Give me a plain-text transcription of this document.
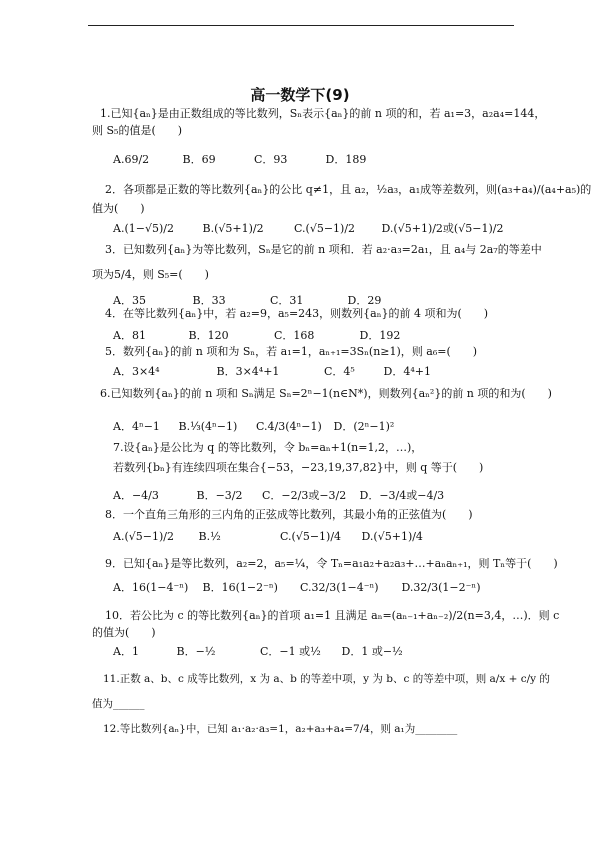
高一数学下(9)
1.已知{aₙ}是由正数组成的等比数列，Sₙ表示{aₙ}的前 n 项的和，若 a₁=3，a₂a₄=144，
则 S₅的值是(　　)
A.69/2	B．69	C．93	D．189
2．各项都是正数的等比数列{aₙ}的公比 q≠1，且 a₂，½a₃，a₁成等差数列，则(a₃+a₄)/(a₄+a₅)的
值为(　　)
A.(1−√5)/2	B.(√5+1)/2	C.(√5−1)/2 D.(√5+1)/2或(√5−1)/2
3．已知数列{aₙ}为等比数列，Sₙ是它的前 n 项和．若 a₂·a₃=2a₁，且 a₄与 2a₇的等差中
项为5/4，则 S₅=(　　)
A．35	B．33	C．31	D．29
4．在等比数列{aₙ}中，若 a₂=9，a₅=243，则数列{aₙ}的前 4 项和为(　　)
A．81	B．120	C．168	D．192
5．数列{aₙ}的前 n 项和为 Sₙ，若 a₁=1，aₙ₊₁=3Sₙ(n≥1)，则 a₆=(　　)
A．3×4⁴	B．3×4⁴+1	C．4⁵	D．4⁴+1
6.已知数列{aₙ}的前 n 项和 Sₙ满足 Sₙ=2ⁿ−1(n∈N*)，则数列{aₙ²}的前 n 项的和为(　　)
A．4ⁿ−1 B.⅓(4ⁿ−1) C.4/3(4ⁿ−1) D．(2ⁿ−1)²
7.设{aₙ}是公比为 q 的等比数列，令 bₙ=aₙ+1(n=1,2，…)，
若数列{bₙ}有连续四项在集合{−53，−23,19,37,82}中，则 q 等于(　　)
A．−4/3	B．−3/2 C．−2/3或−3/2 D．−3/4或−4/3
8．一个直角三角形的三内角的正弦成等比数列，其最小角的正弦值为(　　)
A.(√5−1)/2 B.½	C.(√5−1)/4 D.(√5+1)/4
9．已知{aₙ}是等比数列，a₂=2，a₅=¼，令 Tₙ=a₁a₂+a₂a₃+…+aₙaₙ₊₁，则 Tₙ等于(　　)
A．16(1−4⁻ⁿ) B．16(1−2⁻ⁿ) C.32/3(1−4⁻ⁿ) D.32/3(1−2⁻ⁿ)
10．若公比为 c 的等比数列{aₙ}的首项 a₁=1 且满足 aₙ=(aₙ₋₁+aₙ₋₂)/2(n=3,4，…)．则 c
的值为(　　)
A．1	B．−½	C．−1 或½ D．1 或−½
11.正数 a、b、c 成等比数列，x 为 a、b 的等差中项，y 为 b、c 的等差中项，则 a/x + c/y 的
值为______
12.等比数列{aₙ}中，已知 a₁·a₂·a₃=1，a₂+a₃+a₄=7/4，则 a₁为________
